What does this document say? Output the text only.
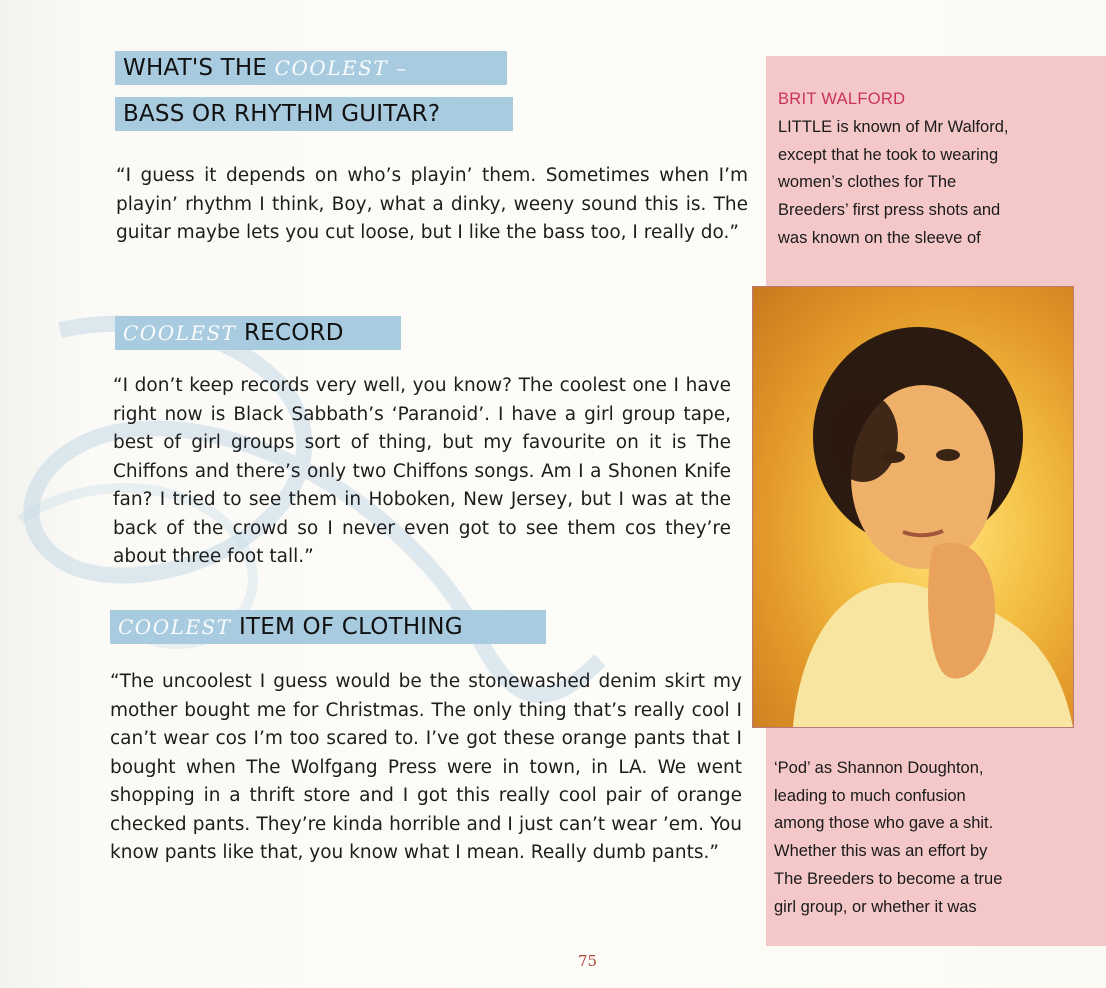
WHAT'S THE COOLEST –
BASS OR RHYTHM GUITAR?
“I guess it depends on who’s playin’ them. Sometimes when I’m playin’ rhythm I think, Boy, what a dinky, weeny sound this is. The guitar maybe lets you cut loose, but I like the bass too, I really do.”
COOLEST RECORD
“I don’t keep records very well, you know? The coolest one I have right now is Black Sabbath’s ‘Paranoid’. I have a girl group tape, best of girl groups sort of thing, but my favourite on it is The Chiffons and there’s only two Chiffons songs. Am I a Shonen Knife fan? I tried to see them in Hoboken, New Jersey, but I was at the back of the crowd so I never even got to see them cos they’re about three foot tall.”
COOLEST ITEM OF CLOTHING
“The uncoolest I guess would be the stonewashed denim skirt my mother bought me for Christmas. The only thing that’s really cool I can’t wear cos I’m too scared to. I’ve got these orange pants that I bought when The Wolfgang Press were in town, in LA. We went shopping in a thrift store and I got this really cool pair of orange checked pants. They’re kinda horrible and I just can’t wear ’em. You know pants like that, you know what I mean. Really dumb pants.”
BRIT WALFORD
LITTLE is known of Mr Walford,
except that he took to wearing
women’s clothes for The
Breeders’ first press shots and
was known on the sleeve of
‘Pod’ as Shannon Doughton,
leading to much confusion
among those who gave a shit.
Whether this was an effort by
The Breeders to become a true
girl group, or whether it was
75
